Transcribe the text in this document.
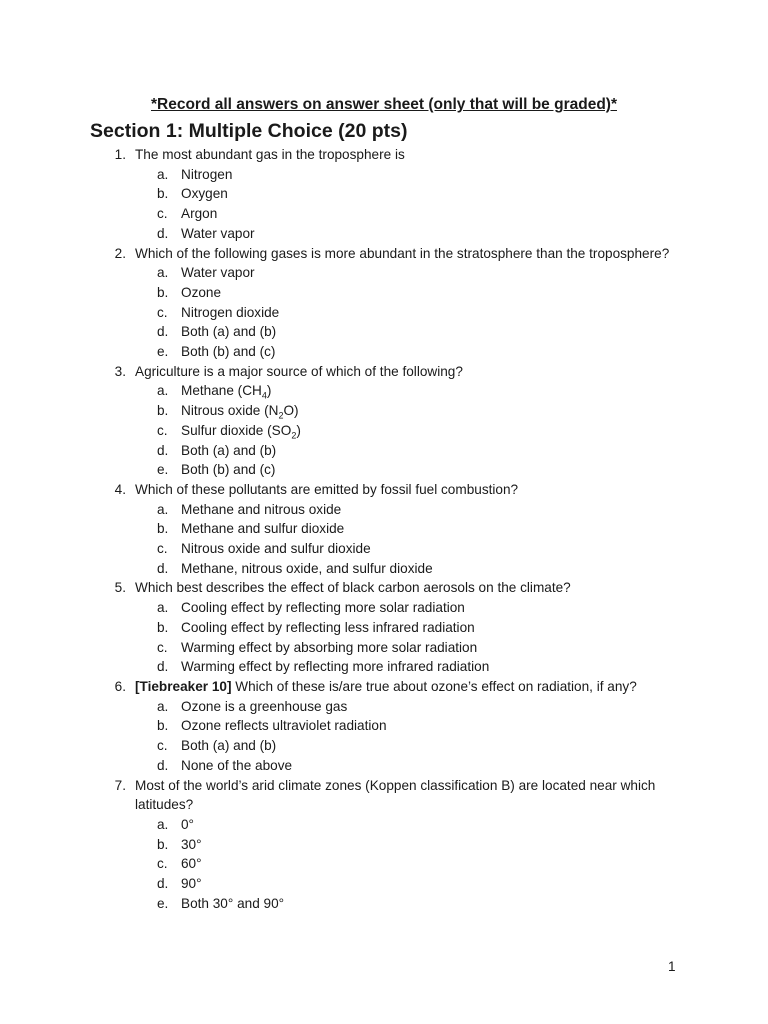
*Record all answers on answer sheet (only that will be graded)*
Section 1: Multiple Choice (20 pts)
1. The most abundant gas in the troposphere is
a. Nitrogen
b. Oxygen
c. Argon
d. Water vapor
2. Which of the following gases is more abundant in the stratosphere than the troposphere?
a. Water vapor
b. Ozone
c. Nitrogen dioxide
d. Both (a) and (b)
e. Both (b) and (c)
3. Agriculture is a major source of which of the following?
a. Methane $(CH_4)$
b. Nitrous oxide $(N_2O)$
c. Sulfur dioxide $(SO_2)$
d. Both (a) and (b)
e. Both (b) and (c)
4. Which of these pollutants are emitted by fossil fuel combustion?
a. Methane and nitrous oxide
b. Methane and sulfur dioxide
c. Nitrous oxide and sulfur dioxide
d. Methane, nitrous oxide, and sulfur dioxide
5. Which best describes the effect of black carbon aerosols on the climate?
a. Cooling effect by reflecting more solar radiation
b. Cooling effect by reflecting less infrared radiation
c. Warming effect by absorbing more solar radiation
d. Warming effect by reflecting more infrared radiation
6. [Tiebreaker 10] Which of these is/are true about ozone’s effect on radiation, if any?
a. Ozone is a greenhouse gas
b. Ozone reflects ultraviolet radiation
c. Both (a) and (b)
d. None of the above
7. Most of the world’s arid climate zones (Koppen classification B) are located near which latitudes?
a. 0°
b. 30°
c. 60°
d. 90°
e. Both 30° and 90°
1
